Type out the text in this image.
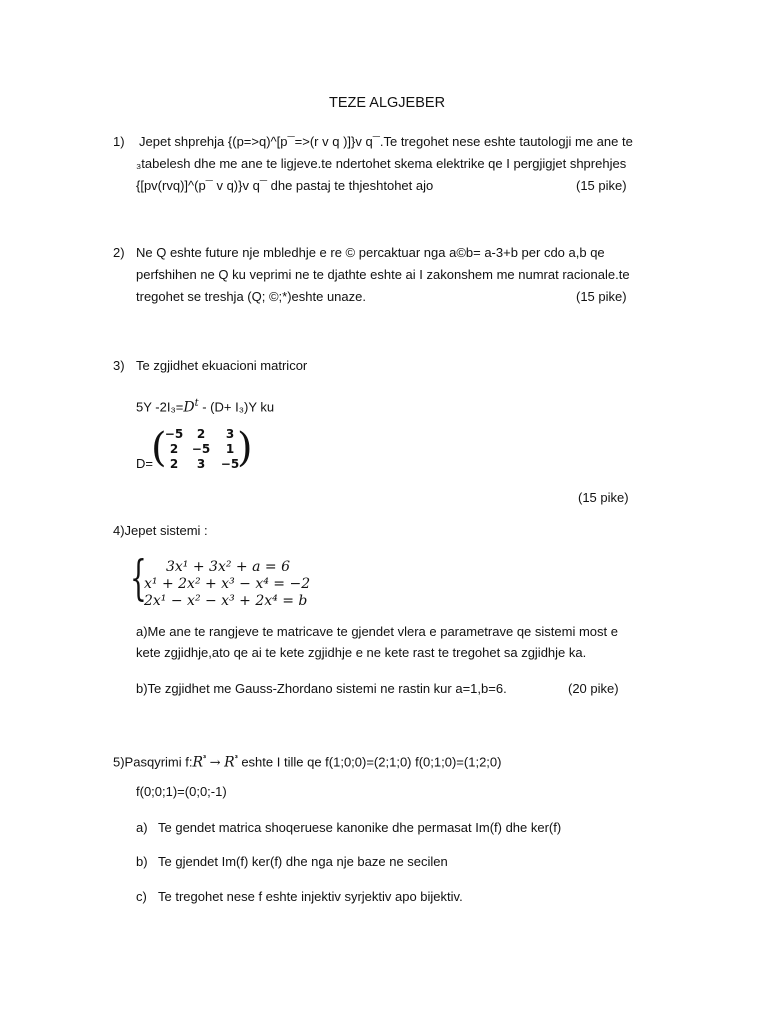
TEZE ALGJEBER
1) Jepet shprehja {(p=>q)^[p¯=>(r v q )]}v q¯.Te tregohet nese eshte tautologji me ane te
₃tabelesh dhe me ane te ligjeve.te ndertohet skema elektrike qe I pergjigjet shprehjes
{[pv(rvq)]^(p¯ v q)}v q¯ dhe pastaj te thjeshtohet ajo	(15 pike)
2) Ne Q eshte future nje mbledhje e re © percaktuar nga a©b= a-3+b per cdo a,b qe
perfshihen ne Q ku veprimi ne te djathte eshte ai I zakonshem me numrat racionale.te
tregohet se treshja (Q; ©;*)eshte unaze.	(15 pike)
3) Te zgjidhet ekuacioni matricor
5Y $-2I_3=D^t - (D+ I_3)Y$ ku
D=
(
−5	2	3
2	−5	1
2	3	−5
)
(15 pike)
4)Jepet sistemi :
{ 3x¹ + 3x² + a = 6
x¹ + 2x² + x³ − x⁴ = −2
2x¹ − x² − x³ + 2x⁴ = b
a)Me ane te rangjeve te matricave te gjendet vlera e parametrave qe sistemi most e
kete zgjidhje,ato qe ai te kete zgjidhje e ne kete rast te tregohet sa zgjidhje ka.
b)Te zgjidhet me Gauss-Zhordano sistemi ne rastin kur a=1,b=6.	(20 pike)
5)Pasqyrimi $f:R^{^3} \to R^{^3}$ eshte I tille qe f(1;0;0)=(2;1;0) f(0;1;0)=(1;2;0)
f(0;0;1)=(0;0;-1)
a) Te gendet matrica shoqeruese kanonike dhe permasat Im(f) dhe ker(f)
b) Te gjendet Im(f) ker(f) dhe nga nje baze ne secilen
c) Te tregohet nese f eshte injektiv syrjektiv apo bijektiv.
